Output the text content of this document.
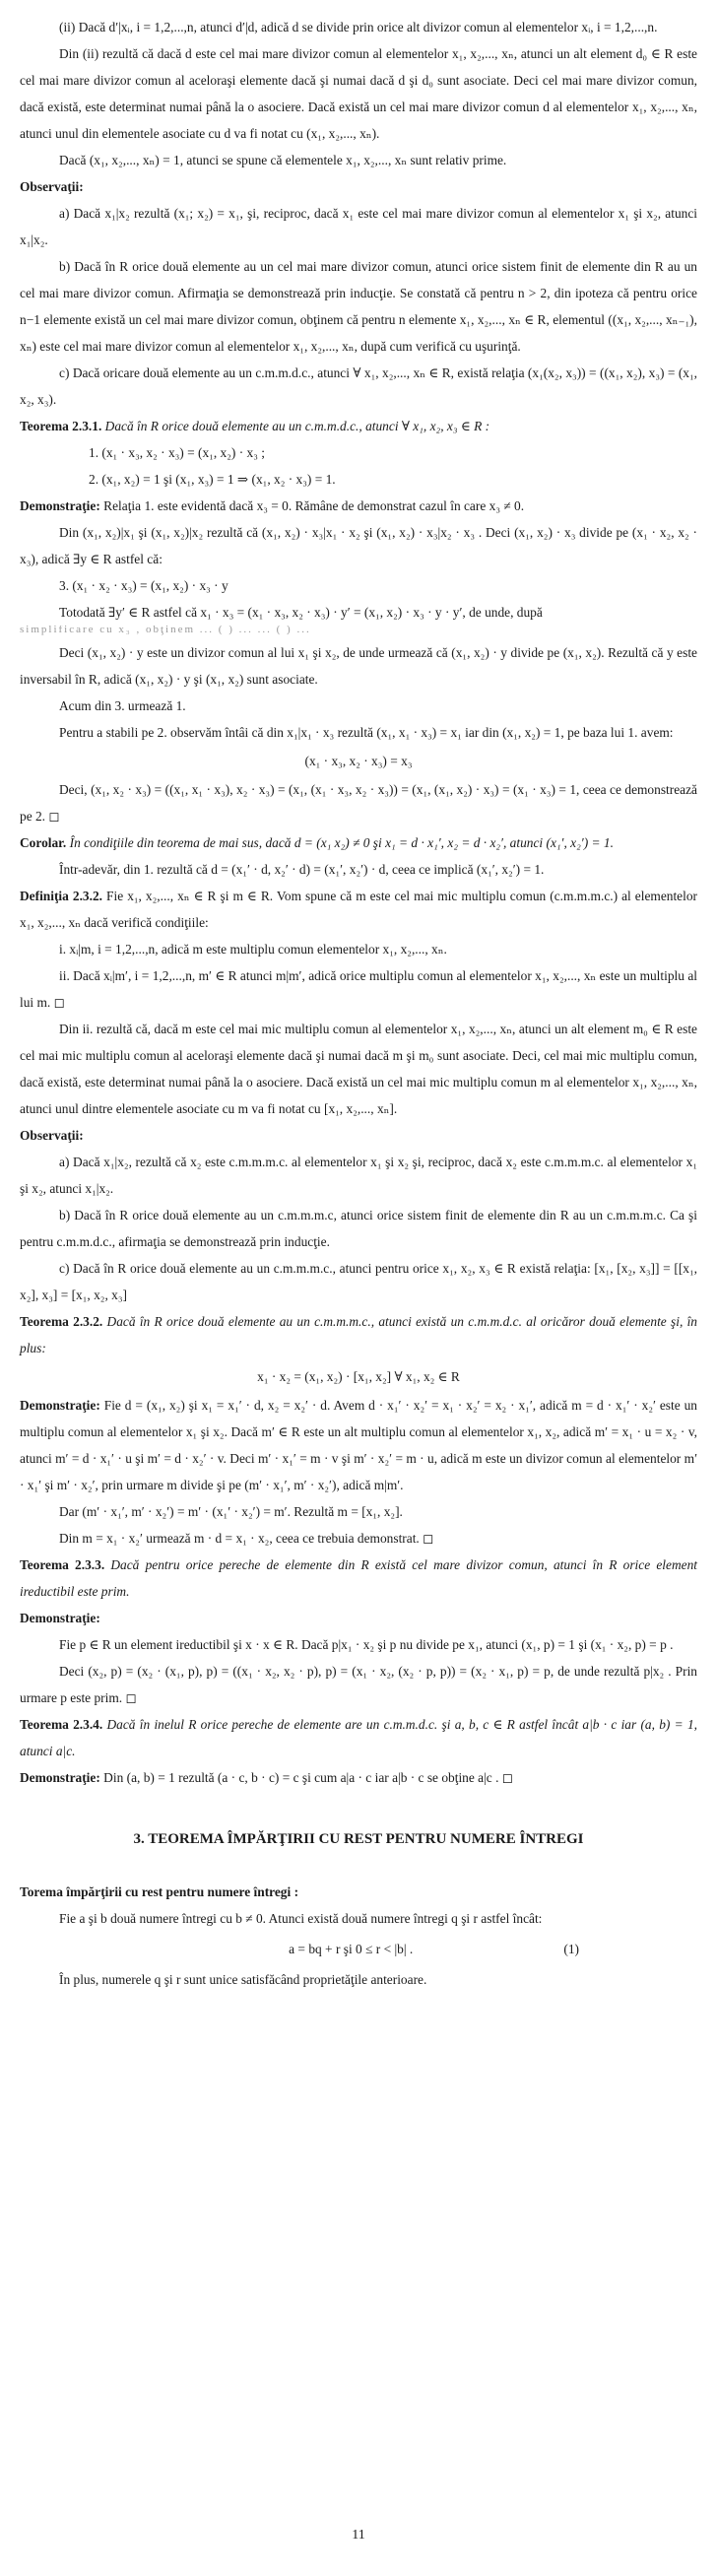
(ii) Dacă d′|xᵢ, i = 1,2,...,n, atunci d′|d, adică d se divide prin orice alt divizor comun al elementelor xᵢ, i = 1,2,...,n.

Din (ii) rezultă că dacă d este cel mai mare divizor comun al elementelor x₁, x₂,..., xₙ, atunci un alt element d₀ ∈ R este cel mai mare divizor comun al aceloraşi elemente dacă şi numai dacă d şi d₀ sunt asociate. Deci cel mai mare divizor comun, dacă există, este determinat numai până la o asociere. Dacă există un cel mai mare divizor comun d al elementelor x₁, x₂,..., xₙ, atunci unul din elementele asociate cu d va fi notat cu (x₁, x₂,..., xₙ).

Dacă (x₁, x₂,..., xₙ) = 1, atunci se spune că elementele x₁, x₂,..., xₙ sunt relativ prime.

Observaţii:

a) Dacă x₁|x₂ rezultă (x₁; x₂) = x₁, şi, reciproc, dacă x₁ este cel mai mare divizor comun al elementelor x₁ şi x₂, atunci x₁|x₂.

b) Dacă în R orice două elemente au un cel mai mare divizor comun, atunci orice sistem finit de elemente din R au un cel mai mare divizor comun. Afirmaţia se demonstrează prin inducţie. Se constată că pentru n > 2, din ipoteza că pentru orice n−1 elemente există un cel mai mare divizor comun, obţinem că pentru n elemente x₁, x₂,..., xₙ ∈ R, elementul ((x₁, x₂,..., xₙ₋₁), xₙ) este cel mai mare divizor comun al elementelor x₁, x₂,..., xₙ, după cum verifică cu uşurinţă.

c) Dacă oricare două elemente au un c.m.m.d.c., atunci ∀ x₁, x₂,..., xₙ ∈ R, există relaţia (x₁(x₂, x₃)) = ((x₁, x₂), x₃) = (x₁, x₂, x₃).

Teorema 2.3.1. Dacă în R orice două elemente au un c.m.m.d.c., atunci ∀ x₁, x₂, x₃ ∈ R :

1. (x₁ · x₃, x₂ · x₃) = (x₁, x₂) · x₃ ;

2. (x₁, x₂) = 1 şi (x₁, x₃) = 1 ⇒ (x₁, x₂ · x₃) = 1.

Demonstraţie: Relaţia 1. este evidentă dacă x₃ = 0. Rămâne de demonstrat cazul în care x₃ ≠ 0.

Din (x₁, x₂)|x₁ şi (x₁, x₂)|x₂ rezultă că (x₁, x₂) · x₃|x₁ · x₂ şi (x₁, x₂) · x₃|x₂ · x₃ . Deci (x₁, x₂) · x₃ divide pe (x₁ · x₂, x₂ · x₃), adică ∃y ∈ R astfel că:

3. (x₁ · x₂ · x₃) = (x₁, x₂) · x₃ · y

Totodată ∃y′ ∈ R astfel că x₁ · x₃ = (x₁ · x₃, x₂ · x₃) · y′ = (x₁, x₂) · x₃ · y · y′, de unde, după

simplificare cu x₃ , obţinem ... ( ) ... ... ( ) ...

Deci (x₁, x₂) · y este un divizor comun al lui x₁ şi x₂, de unde urmează că (x₁, x₂) · y divide pe (x₁, x₂). Rezultă că y este inversabil în R, adică (x₁, x₂) · y şi (x₁, x₂) sunt asociate.

Acum din 3. urmează 1.

Pentru a stabili pe 2. observăm întâi că din x₁|x₁ · x₃ rezultă (x₁, x₁ · x₃) = x₁ iar din (x₁, x₂) = 1, pe baza lui 1. avem:

(x₁ · x₃, x₂ · x₃) = x₃

Deci, (x₁, x₂ · x₃) = ((x₁, x₁ · x₃), x₂ · x₃) = (x₁, (x₁ · x₃, x₂ · x₃)) = (x₁, (x₁, x₂) · x₃) = (x₁ · x₃) = 1, ceea ce demonstrează pe 2. ◻

Corolar. În condiţiile din teorema de mai sus, dacă d = (x₁ x₂) ≠ 0 şi x₁ = d · x₁′, x₂ = d · x₂′, atunci (x₁′, x₂′) = 1.

Într-adevăr, din 1. rezultă că d = (x₁′ · d, x₂′ · d) = (x₁′, x₂′) · d, ceea ce implică (x₁′, x₂′) = 1.

Definiţia 2.3.2. Fie x₁, x₂,..., xₙ ∈ R şi m ∈ R. Vom spune că m este cel mai mic multiplu comun (c.m.m.m.c.) al elementelor x₁, x₂,..., xₙ dacă verifică condiţiile:

i. xᵢ|m, i = 1,2,...,n, adică m este multiplu comun elementelor x₁, x₂,..., xₙ.

ii. Dacă xᵢ|m′, i = 1,2,...,n, m′ ∈ R atunci m|m′, adică orice multiplu comun al elementelor x₁, x₂,..., xₙ este un multiplu al lui m. ◻

Din ii. rezultă că, dacă m este cel mai mic multiplu comun al elementelor x₁, x₂,..., xₙ, atunci un alt element m₀ ∈ R este cel mai mic multiplu comun al aceloraşi elemente dacă şi numai dacă m şi m₀ sunt asociate. Deci, cel mai mic multiplu comun, dacă există, este determinat numai până la o asociere. Dacă există un cel mai mic multiplu comun m al elementelor x₁, x₂,..., xₙ, atunci unul dintre elementele asociate cu m va fi notat cu [x₁, x₂,..., xₙ].

Observaţii:

a) Dacă x₁|x₂, rezultă că x₂ este c.m.m.m.c. al elementelor x₁ şi x₂ şi, reciproc, dacă x₂ este c.m.m.m.c. al elementelor x₁ şi x₂, atunci x₁|x₂.

b) Dacă în R orice două elemente au un c.m.m.m.c, atunci orice sistem finit de elemente din R au un c.m.m.m.c. Ca şi pentru c.m.m.d.c., afirmaţia se demonstrează prin inducţie.

c) Dacă în R orice două elemente au un c.m.m.m.c., atunci pentru orice x₁, x₂, x₃ ∈ R există relaţia: [x₁, [x₂, x₃]] = [[x₁, x₂], x₃] = [x₁, x₂, x₃]

Teorema 2.3.2. Dacă în R orice două elemente au un c.m.m.m.c., atunci există un c.m.m.d.c. al oricăror două elemente şi, în plus:

x₁ · x₂ = (x₁, x₂) · [x₁, x₂] ∀ x₁, x₂ ∈ R

Demonstraţie: Fie d = (x₁, x₂) şi x₁ = x₁′ · d, x₂ = x₂′ · d. Avem d · x₁′ · x₂′ = x₁ · x₂′ = x₂ · x₁′, adică m = d · x₁′ · x₂′ este un multiplu comun al elementelor x₁ şi x₂. Dacă m′ ∈ R este un alt multiplu comun al elementelor x₁, x₂, adică m′ = x₁ · u = x₂ · v, atunci m′ = d · x₁′ · u şi m′ = d · x₂′ · v. Deci m′ · x₁′ = m · v şi m′ · x₂′ = m · u, adică m este un divizor comun al elementelor m′ · x₁′ şi m′ · x₂′, prin urmare m divide şi pe (m′ · x₁′, m′ · x₂′), adică m|m′.

Dar (m′ · x₁′, m′ · x₂′) = m′ · (x₁′ · x₂′) = m′. Rezultă m = [x₁, x₂].

Din m = x₁ · x₂′ urmează m · d = x₁ · x₂, ceea ce trebuia demonstrat. ◻

Teorema 2.3.3. Dacă pentru orice pereche de elemente din R există cel mare divizor comun, atunci în R orice element ireductibil este prim.

Demonstraţie:

Fie p ∈ R un element ireductibil şi x · x ∈ R. Dacă p|x₁ · x₂ şi p nu divide pe x₁, atunci (x₁, p) = 1 şi (x₁ · x₂, p) = p .

Deci (x₂, p) = (x₂ · (x₁, p), p) = ((x₁ · x₂, x₂ · p), p) = (x₁ · x₂, (x₂ · p, p)) = (x₂ · x₁, p) = p, de unde rezultă p|x₂ . Prin urmare p este prim. ◻

Teorema 2.3.4. Dacă în inelul R orice pereche de elemente are un c.m.m.d.c. şi a, b, c ∈ R astfel încât a|b · c iar (a, b) = 1, atunci a|c.

Demonstraţie: Din (a, b) = 1 rezultă (a · c, b · c) = c şi cum a|a · c iar a|b · c se obţine a|c . ◻

3. TEOREMA ÎMPĂRŢIRII CU REST PENTRU NUMERE ÎNTREGI

Torema împărţirii cu rest pentru numere întregi :

Fie a şi b două numere întregi cu b ≠ 0. Atunci există două numere întregi q şi r astfel încât:

a = bq + r şi 0 ≤ r < |b| .	(1)

În plus, numerele q şi r sunt unice satisfăcând proprietăţile anterioare.

11
